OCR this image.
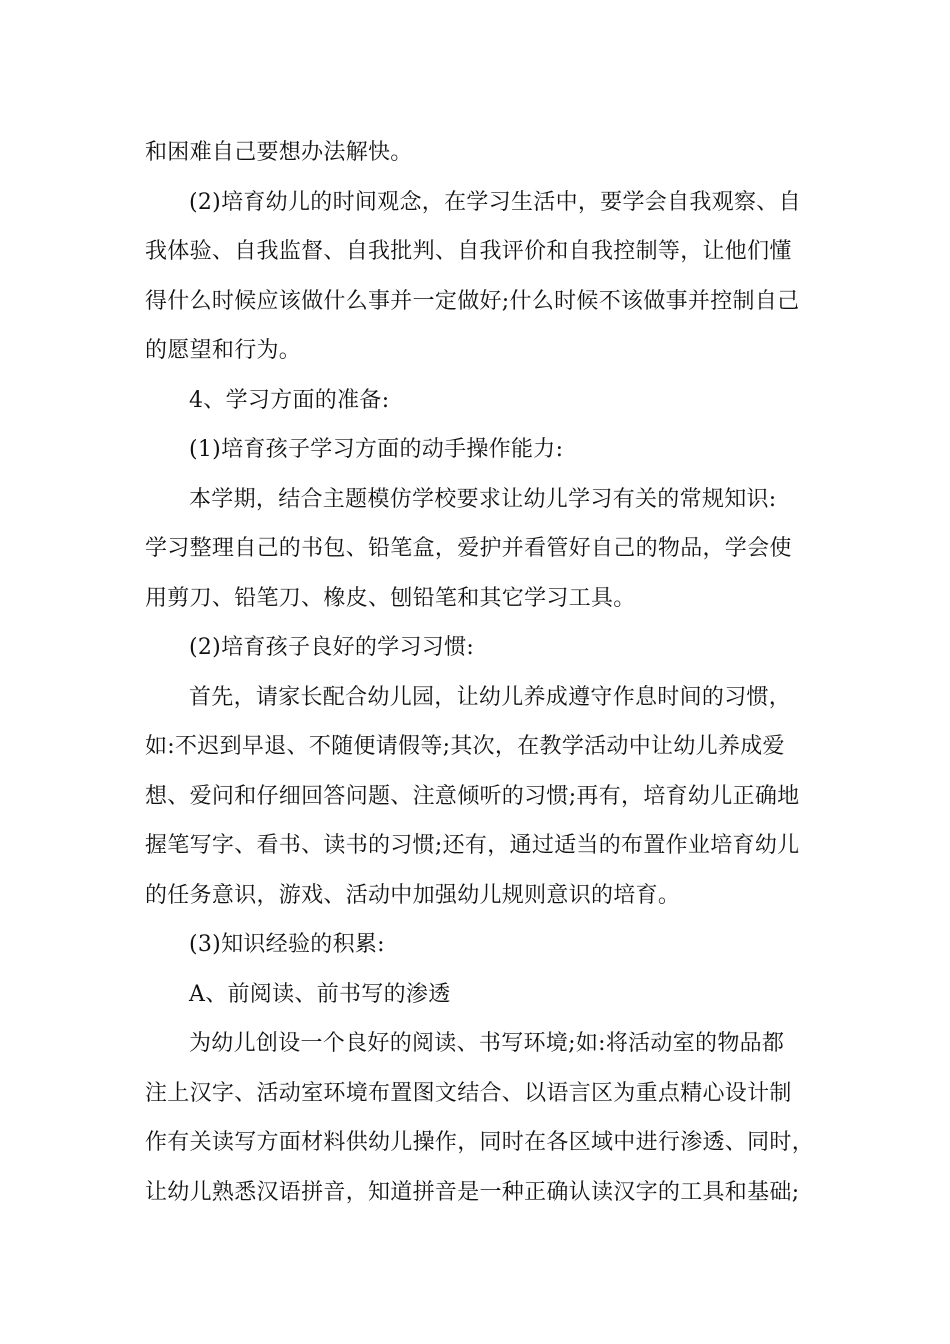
和困难自己要想办法解快。
(2)培育幼儿的时间观念，在学习生活中，要学会自我观察、自
我体验、自我监督、自我批判、自我评价和自我控制等，让他们懂
得什么时候应该做什么事并一定做好;什么时候不该做事并控制自己
的愿望和行为。
4、学习方面的准备:
(1)培育孩子学习方面的动手操作能力:
本学期，结合主题模仿学校要求让幼儿学习有关的常规知识:
学习整理自己的书包、铅笔盒，爱护并看管好自己的物品，学会使
用剪刀、铅笔刀、橡皮、刨铅笔和其它学习工具。
(2)培育孩子良好的学习习惯:
首先，请家长配合幼儿园，让幼儿养成遵守作息时间的习惯，
如:不迟到早退、不随便请假等;其次，在教学活动中让幼儿养成爱
想、爱问和仔细回答问题、注意倾听的习惯;再有，培育幼儿正确地
握笔写字、看书、读书的习惯;还有，通过适当的布置作业培育幼儿
的任务意识，游戏、活动中加强幼儿规则意识的培育。
(3)知识经验的积累:
A、前阅读、前书写的渗透
为幼儿创设一个良好的阅读、书写环境;如:将活动室的物品都
注上汉字、活动室环境布置图文结合、以语言区为重点精心设计制
作有关读写方面材料供幼儿操作，同时在各区域中进行渗透、同时，
让幼儿熟悉汉语拼音，知道拼音是一种正确认读汉字的工具和基础;
